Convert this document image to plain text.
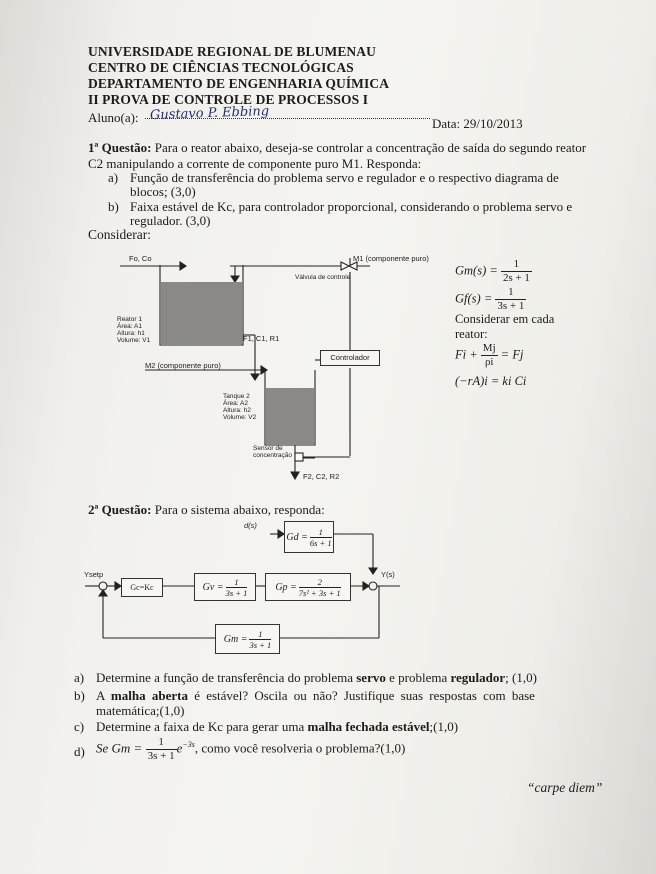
UNIVERSIDADE REGIONAL DE BLUMENAU
CENTRO DE CIÊNCIAS TECNOLÓGICAS
DEPARTAMENTO DE ENGENHARIA QUÍMICA
II PROVA DE CONTROLE DE PROCESSOS I
Aluno(a): Gustavo P. Ebbing
Data: 29/10/2013
1ª Questão: Para o reator abaixo, deseja-se controlar a concentração de saída do segundo reator
C2 manipulando a corrente de componente puro M1. Responda:
a) Função de transferência do problema servo e regulador e o respectivo diagrama de
blocos; (3,0)
b) Faixa estável de Kc, para controlador proporcional, considerando o problema servo e
regulador. (3,0)
Considerar:
Fo, Co	M1 (componente puro)
Válvula de controle
Reator 1
Área: A1
Altura: h1
Volume: V1	F1, C1, R1
M2 (componente puro)
Controlador
Tanque 2
Área: A2
Altura: h2
Volume: V2
Sensor de
concentração
F2, C2, R2
$Gm(s) = \frac{1}{2s + 1}$
$Gf(s) = \frac{1}{3s + 1}$
Considerar em cada
reator:
$Fi + \frac{Mj}{\rho i} = Fj$
(−rA)i = ki Ci
2ª Questão: Para o sistema abaixo, responda:
d(s)
$Gd = \frac{1}{6s + 1}$
Ysetp
Gc=Kc	$Gv = \frac{1}{3s + 1}$	$Gp = \frac{2}{\text{7s² + 3s + 1}}$
Y(s)
$Gm = \frac{1}{3s + 1}$
a) Determine a função de transferência do problema servo e problema regulador; (1,0)
b) A malha aberta é estável? Oscila ou não? Justifique suas respostas com base
matemática;(1,0)
c) Determine a faixa de Kc para gerar uma malha fechada estável;(1,0)
d) Se $Gm = \frac{1}{3s + 1} e^{-3s}$, como você resolveria o problema?(1,0)
“carpe diem”
